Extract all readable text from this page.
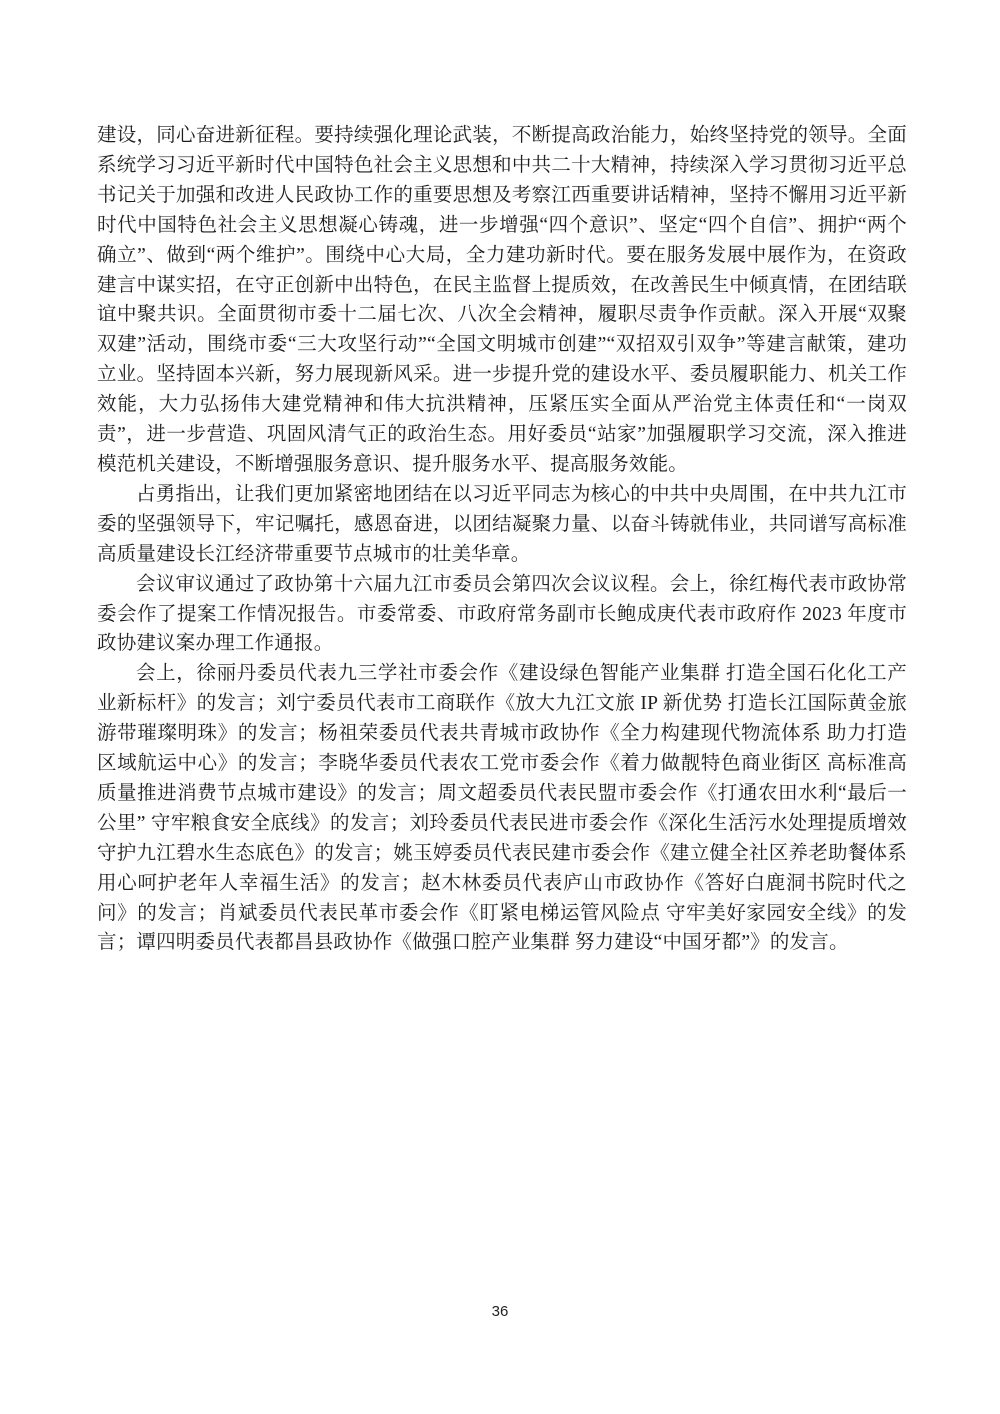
建设，同心奋进新征程。要持续强化理论武装，不断提高政治能力，始终坚持党的领导。全面系统学习习近平新时代中国特色社会主义思想和中共二十大精神，持续深入学习贯彻习近平总书记关于加强和改进人民政协工作的重要思想及考察江西重要讲话精神，坚持不懈用习近平新时代中国特色社会主义思想凝心铸魂，进一步增强“四个意识”、坚定“四个自信”、拥护“两个确立”、做到“两个维护”。围绕中心大局，全力建功新时代。要在服务发展中展作为，在资政建言中谋实招，在守正创新中出特色，在民主监督上提质效，在改善民生中倾真情，在团结联谊中聚共识。全面贯彻市委十二届七次、八次全会精神，履职尽责争作贡献。深入开展“双聚双建”活动，围绕市委“三大攻坚行动”“全国文明城市创建”“双招双引双争”等建言献策，建功立业。坚持固本兴新，努力展现新风采。进一步提升党的建设水平、委员履职能力、机关工作效能，大力弘扬伟大建党精神和伟大抗洪精神，压紧压实全面从严治党主体责任和“一岗双责”，进一步营造、巩固风清气正的政治生态。用好委员“站家”加强履职学习交流，深入推进模范机关建设，不断增强服务意识、提升服务水平、提高服务效能。

占勇指出，让我们更加紧密地团结在以习近平同志为核心的中共中央周围，在中共九江市委的坚强领导下，牢记嘱托，感恩奋进，以团结凝聚力量、以奋斗铸就伟业，共同谱写高标准高质量建设长江经济带重要节点城市的壮美华章。

会议审议通过了政协第十六届九江市委员会第四次会议议程。会上，徐红梅代表市政协常委会作了提案工作情况报告。市委常委、市政府常务副市长鲍成庚代表市政府作 2023 年度市政协建议案办理工作通报。

会上，徐丽丹委员代表九三学社市委会作《建设绿色智能产业集群 打造全国石化化工产业新标杆》的发言；刘宁委员代表市工商联作《放大九江文旅 IP 新优势 打造长江国际黄金旅游带璀璨明珠》的发言；杨祖荣委员代表共青城市政协作《全力构建现代物流体系 助力打造区域航运中心》的发言；李晓华委员代表农工党市委会作《着力做靓特色商业街区 高标准高质量推进消费节点城市建设》的发言；周文超委员代表民盟市委会作《打通农田水利“最后一公里” 守牢粮食安全底线》的发言；刘玲委员代表民进市委会作《深化生活污水处理提质增效 守护九江碧水生态底色》的发言；姚玉婷委员代表民建市委会作《建立健全社区养老助餐体系 用心呵护老年人幸福生活》的发言；赵木林委员代表庐山市政协作《答好白鹿洞书院时代之问》的发言；肖斌委员代表民革市委会作《盯紧电梯运管风险点 守牢美好家园安全线》的发言；谭四明委员代表都昌县政协作《做强口腔产业集群 努力建设“中国牙都”》的发言。

36
